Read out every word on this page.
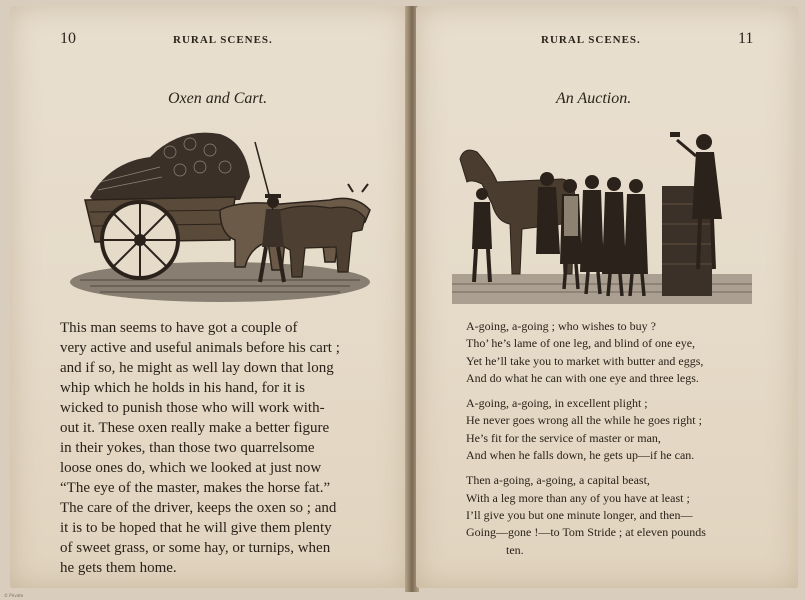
10	RURAL SCENES.
Oxen and Cart.
This man seems to have got a couple of
very active and useful animals before his cart ;
and if so, he might as well lay down that long
whip which he holds in his hand, for it is
wicked to punish those who will work with-
out it. These oxen really make a better figure
in their yokes, than those two quarrelsome
loose ones do, which we looked at just now
“The eye of the master, makes the horse fat.”
The care of the driver, keeps the oxen so ; and
it is to be hoped that he will give them plenty
of sweet grass, or some hay, or turnips, when
he gets them home.
RURAL SCENES.	11
An Auction.
A-going, a-going ; who wishes to buy ?
Tho’ he’s lame of one leg, and blind of one eye,
Yet he’ll take you to market with butter and eggs,
And do what he can with one eye and three legs.
A-going, a-going, in excellent plight ;
He never goes wrong all the while he goes right ;
He’s fit for the service of master or man,
And when he falls down, he gets up—if he can.
Then a-going, a-going, a capital beast,
With a leg more than any of you have at least ;
I’ll give you but one minute longer, and then—
Going—gone !—to Tom Stride ; at eleven pounds
ten.
© Private
